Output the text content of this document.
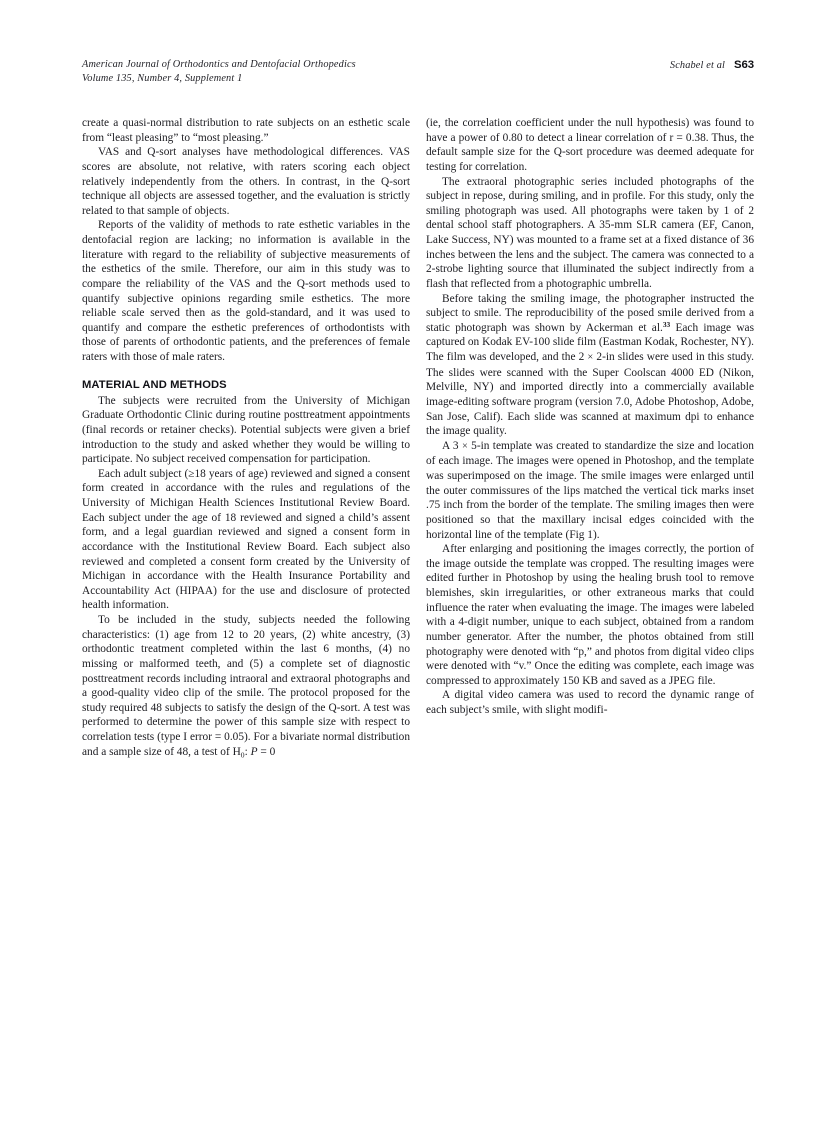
American Journal of Orthodontics and Dentofacial Orthopedics
Volume 135, Number 4, Supplement 1
Schabel et al S63

create a quasi-normal distribution to rate subjects on an esthetic scale from “least pleasing” to “most pleasing.”

VAS and Q-sort analyses have methodological differences. VAS scores are absolute, not relative, with raters scoring each object relatively independently from the others. In contrast, in the Q-sort technique all objects are assessed together, and the evaluation is strictly related to that sample of objects.

Reports of the validity of methods to rate esthetic variables in the dentofacial region are lacking; no information is available in the literature with regard to the reliability of subjective measurements of the esthetics of the smile. Therefore, our aim in this study was to compare the reliability of the VAS and the Q-sort methods used to quantify subjective opinions regarding smile esthetics. The more reliable scale served then as the gold-standard, and it was used to quantify and compare the esthetic preferences of orthodontists with those of parents of orthodontic patients, and the preferences of female raters with those of male raters.

MATERIAL AND METHODS

The subjects were recruited from the University of Michigan Graduate Orthodontic Clinic during routine posttreatment appointments (final records or retainer checks). Potential subjects were given a brief introduction to the study and asked whether they would be willing to participate. No subject received compensation for participation.

Each adult subject (≥18 years of age) reviewed and signed a consent form created in accordance with the rules and regulations of the University of Michigan Health Sciences Institutional Review Board. Each subject under the age of 18 reviewed and signed a child’s assent form, and a legal guardian reviewed and signed a consent form in accordance with the Institutional Review Board. Each subject also reviewed and completed a consent form created by the University of Michigan in accordance with the Health Insurance Portability and Accountability Act (HIPAA) for the use and disclosure of protected health information.

To be included in the study, subjects needed the following characteristics: (1) age from 12 to 20 years, (2) white ancestry, (3) orthodontic treatment completed within the last 6 months, (4) no missing or malformed teeth, and (5) a complete set of diagnostic posttreatment records including intraoral and extraoral photographs and a good-quality video clip of the smile. The protocol proposed for the study required 48 subjects to satisfy the design of the Q-sort. A test was performed to determine the power of this sample size with respect to correlation tests (type I error = 0.05). For a bivariate normal distribution and a sample size of 48, a test of $H_0$: P = 0

(ie, the correlation coefficient under the null hypothesis) was found to have a power of 0.80 to detect a linear correlation of r = 0.38. Thus, the default sample size for the Q-sort procedure was deemed adequate for testing for correlation.

The extraoral photographic series included photographs of the subject in repose, during smiling, and in profile. For this study, only the smiling photograph was used. All photographs were taken by 1 of 2 dental school staff photographers. A 35-mm SLR camera (EF, Canon, Lake Success, NY) was mounted to a frame set at a fixed distance of 36 inches between the lens and the subject. The camera was connected to a 2-strobe lighting source that illuminated the subject indirectly from a flash that reflected from a photographic umbrella.

Before taking the smiling image, the photographer instructed the subject to smile. The reproducibility of the posed smile derived from a static photograph was shown by Ackerman et al.$^{33}$ Each image was captured on Kodak EV-100 slide film (Eastman Kodak, Rochester, NY). The film was developed, and the 2 × 2-in slides were used in this study. The slides were scanned with the Super Coolscan 4000 ED (Nikon, Melville, NY) and imported directly into a commercially available image-editing software program (version 7.0, Adobe Photoshop, Adobe, San Jose, Calif). Each slide was scanned at maximum dpi to enhance the image quality.

A 3 × 5-in template was created to standardize the size and location of each image. The images were opened in Photoshop, and the template was superimposed on the image. The smile images were enlarged until the outer commissures of the lips matched the vertical tick marks inset .75 inch from the border of the template. The smiling images then were positioned so that the maxillary incisal edges coincided with the horizontal line of the template (Fig 1).

After enlarging and positioning the images correctly, the portion of the image outside the template was cropped. The resulting images were edited further in Photoshop by using the healing brush tool to remove blemishes, skin irregularities, or other extraneous marks that could influence the rater when evaluating the image. The images were labeled with a 4-digit number, unique to each subject, obtained from a random number generator. After the number, the photos obtained from still photography were denoted with “p,” and photos from digital video clips were denoted with “v.” Once the editing was complete, each image was compressed to approximately 150 KB and saved as a JPEG file.

A digital video camera was used to record the dynamic range of each subject’s smile, with slight modifi-
